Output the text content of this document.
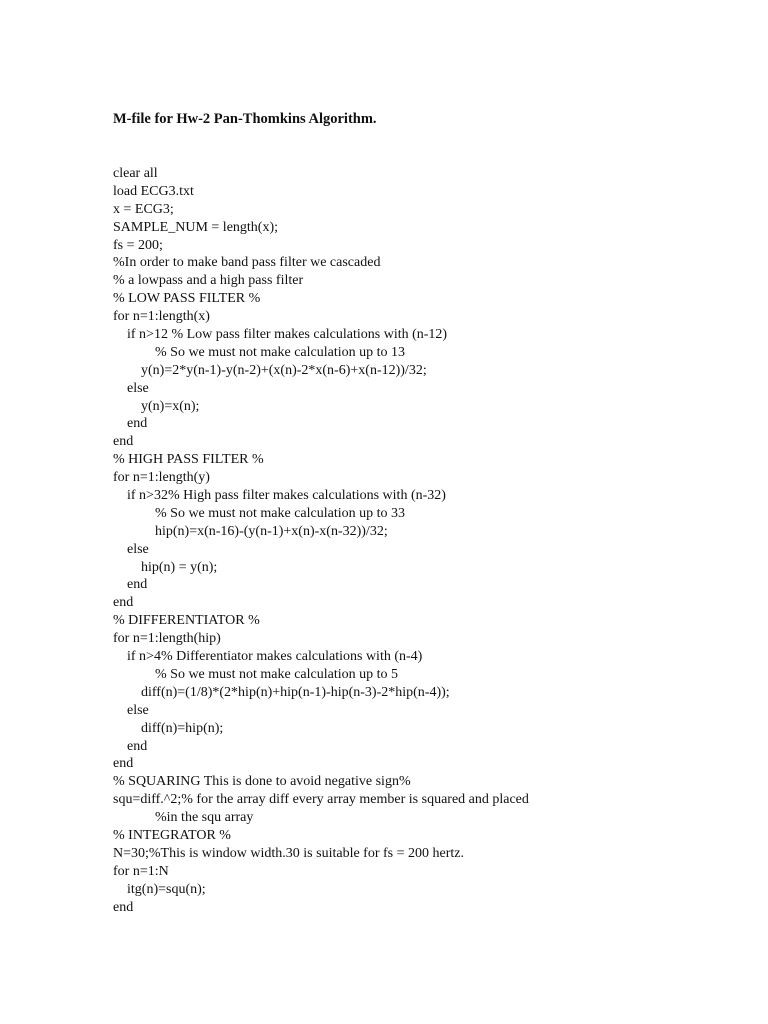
M-file for Hw-2 Pan-Thomkins Algorithm.
clear all
load ECG3.txt
x = ECG3;
SAMPLE_NUM = length(x);
fs = 200;
%In order to make band pass filter we cascaded
% a lowpass and a high pass filter
% LOW PASS FILTER %
for n=1:length(x)
if n>12 % Low pass filter makes calculations with (n-12)
% So we must not make calculation up to 13
y(n)=2*y(n-1)-y(n-2)+(x(n)-2*x(n-6)+x(n-12))/32;
else
y(n)=x(n);
end
end
% HIGH PASS FILTER %
for n=1:length(y)
if n>32% High pass filter makes calculations with (n-32)
% So we must not make calculation up to 33
hip(n)=x(n-16)-(y(n-1)+x(n)-x(n-32))/32;
else
hip(n) = y(n);
end
end
% DIFFERENTIATOR %
for n=1:length(hip)
if n>4% Differentiator makes calculations with (n-4)
% So we must not make calculation up to 5
diff(n)=(1/8)*(2*hip(n)+hip(n-1)-hip(n-3)-2*hip(n-4));
else
diff(n)=hip(n);
end
end
% SQUARING This is done to avoid negative sign%
squ=diff.^2;% for the array diff every array member is squared and placed
%in the squ array
% INTEGRATOR %
N=30;%This is window width.30 is suitable for fs = 200 hertz.
for n=1:N
itg(n)=squ(n);
end
